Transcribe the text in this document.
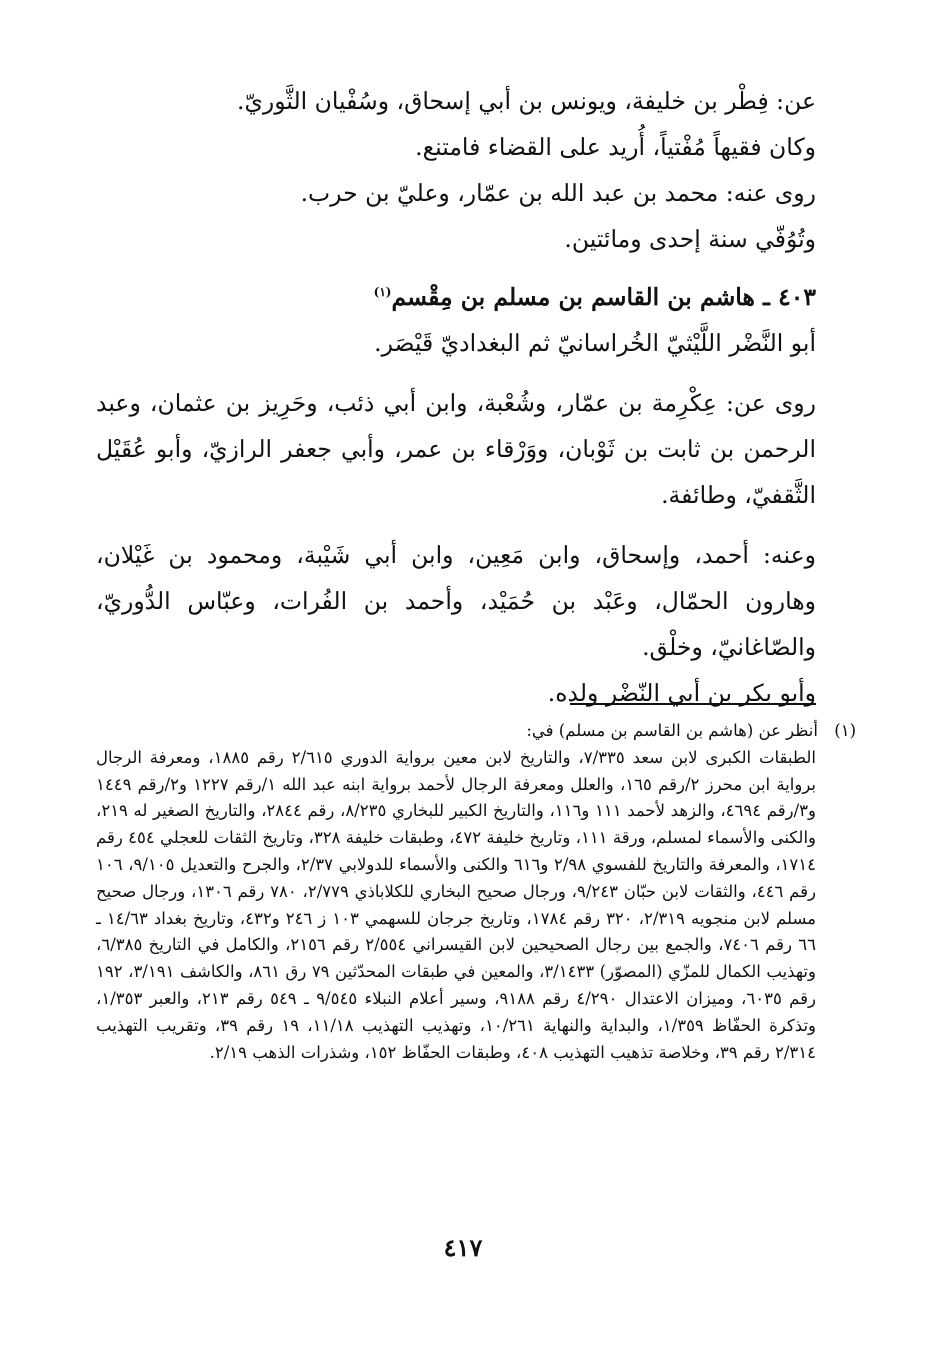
عن: فِطْر بن خليفة، ويونس بن أبي إسحاق، وسُفْيان الثَّوريّ.

وكان فقيهاً مُفْتياً، أُريد على القضاء فامتنع.

روى عنه: محمد بن عبد الله بن عمّار، وعليّ بن حرب.

وتُوُفّي سنة إحدى ومائتين.

٤٠٣ ـ هاشم بن القاسم بن مسلم بن مِقْسم$^{(١)}$

أبو النَّضْر اللَّيْثيّ الخُراسانيّ ثم البغداديّ قَيْصَر.

روى عن: عِكْرِمة بن عمّار، وشُعْبة، وابن أبي ذئب، وحَرِيز بن عثمان، وعبد الرحمن بن ثابت بن ثَوْبان، ووَرْقاء بن عمر، وأبي جعفر الرازيّ، وأبو عُقَيْل الثَّقفيّ، وطائفة.

وعنه: أحمد، وإسحاق، وابن مَعِين، وابن أبي شَيْبة، ومحمود بن غَيْلان، وهارون الحمّال، وعَبْد بن حُمَيْد، وأحمد بن الفُرات، وعبّاس الدُّوريّ، والصّاغانيّ، وخلْق.

وأبو بكر بن أبي النّضْر ولده.

(١)أنظر عن (هاشم بن القاسم بن مسلم) في:

الطبقات الكبرى لابن سعد ٧/٣٣٥، والتاريخ لابن معين برواية الدوري ٢/٦١٥ رقم ١٨٨٥، ومعرفة الرجال برواية ابن محرز ٢/رقم ١٦٥، والعلل ومعرفة الرجال لأحمد برواية ابنه عبد الله ١/رقم ١٢٢٧ و٢/رقم ١٤٤٩ و٣/رقم ٤٦٩٤، والزهد لأحمد ١١١ و١١٦، والتاريخ الكبير للبخاري ٨/٢٣٥، رقم ٢٨٤٤، والتاريخ الصغير له ٢١٩، والكنى والأسماء لمسلم، ورقة ١١١، وتاريخ خليفة ٤٧٢، وطبقات خليفة ٣٢٨، وتاريخ الثقات للعجلي ٤٥٤ رقم ١٧١٤، والمعرفة والتاريخ للفسوي ٢/٩٨ و٦١٦ والكنى والأسماء للدولابي ٢/٣٧، والجرح والتعديل ٩/١٠٥، ١٠٦ رقم ٤٤٦، والثقات لابن حبّان ٩/٢٤٣، ورجال صحيح البخاري للكلاباذي ٢/٧٧٩، ٧٨٠ رقم ١٣٠٦، ورجال صحيح مسلم لابن منجويه ٢/٣١٩، ٣٢٠ رقم ١٧٨٤، وتاريخ جرجان للسهمي ١٠٣ ز ٢٤٦ و٤٣٢، وتاريخ بغداد ١٤/٦٣ ـ ٦٦ رقم ٧٤٠٦، والجمع بين رجال الصحيحين لابن القيسراني ٢/٥٥٤ رقم ٢١٥٦، والكامل في التاريخ ٦/٣٨٥، وتهذيب الكمال للمزّي (المصوّر) ٣/١٤٣٣، والمعين في طبقات المحدّثين ٧٩ رق ٨٦١، والكاشف ٣/١٩١، ١٩٢ رقم ٦٠٣٥، وميزان الاعتدال ٤/٢٩٠ رقم ٩١٨٨، وسير أعلام النبلاء ٩/٥٤٥ ـ ٥٤٩ رقم ٢١٣، والعبر ١/٣٥٣، وتذكرة الحفّاظ ١/٣٥٩، والبداية والنهاية ١٠/٢٦١، وتهذيب التهذيب ١١/١٨، ١٩ رقم ٣٩، وتقريب التهذيب ٢/٣١٤ رقم ٣٩، وخلاصة تذهيب التهذيب ٤٠٨، وطبقات الحفّاظ ١٥٢، وشذرات الذهب ٢/١٩.

٤١٧
